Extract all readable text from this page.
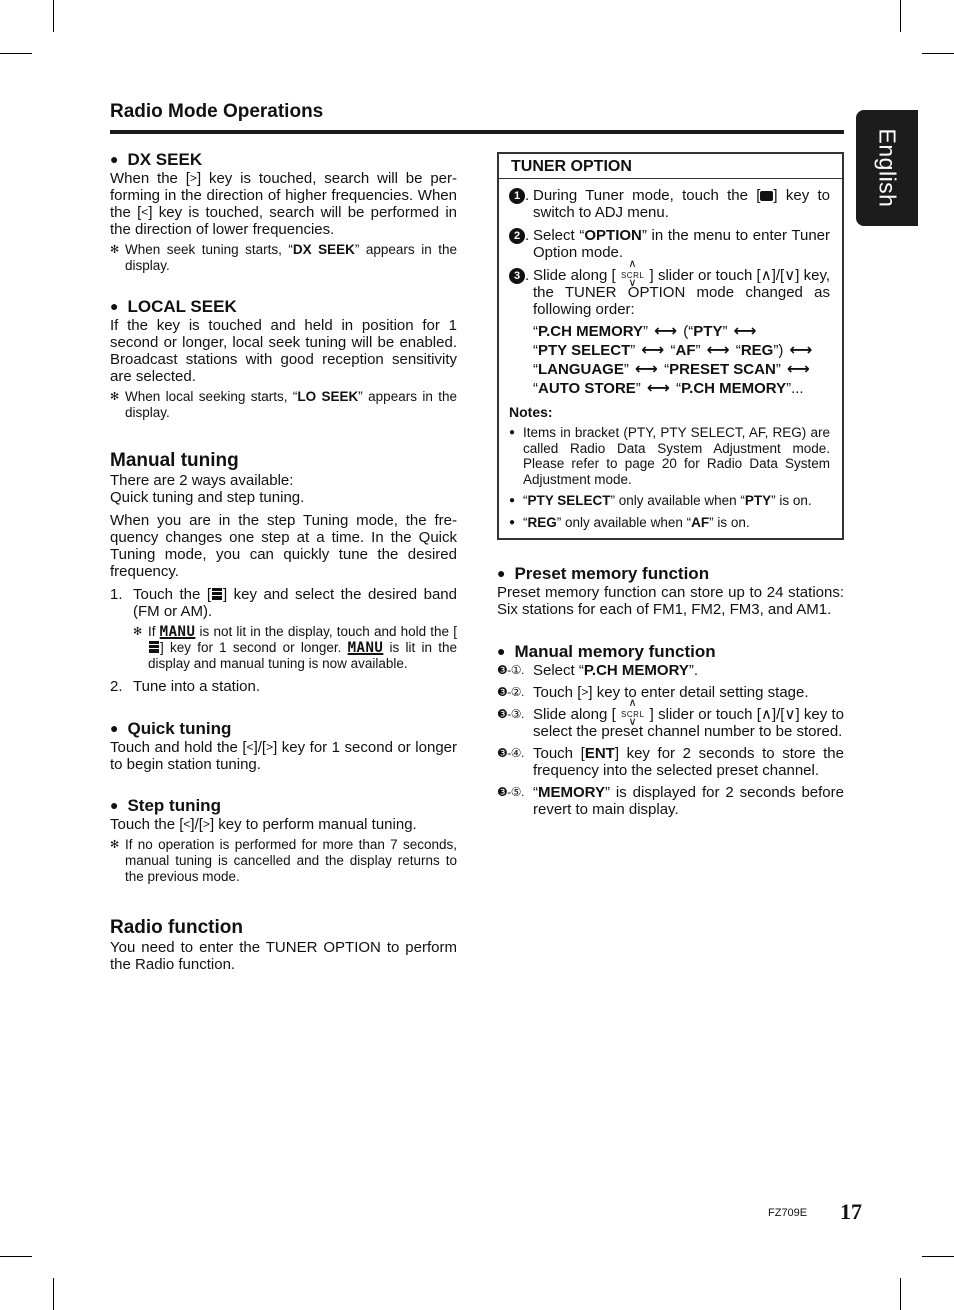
Radio Mode Operations
English

● DX SEEK

When the [>] key is touched, search will be performing in the direction of higher frequencies. When the [<] key is touched, search will be performed in the direction of lower frequencies.

✻ When seek tuning starts, “DX SEEK” appears in the display.

● LOCAL SEEK

If the key is touched and held in position for 1 second or longer, local seek tuning will be enabled. Broadcast stations with good reception sensitivity are selected.

✻ When local seeking starts, “LO SEEK” appears in the display.

Manual tuning

There are 2 ways available:

Quick tuning and step tuning.

When you are in the step Tuning mode, the frequency changes one step at a time. In the Quick Tuning mode, you can quickly tune the desired frequency.

1. Touch the [ ] key and select the desired band (FM or AM).
✻ If MANU is not lit in the display, touch and hold the [] key for 1 second or longer. MANU is lit in the display and manual tuning is now available.
2. Tune into a station.

● Quick tuning

Touch and hold the [<]/[>] key for 1 second or longer to begin station tuning.

● Step tuning

Touch the [<]/[>] key to perform manual tuning.

✻ If no operation is performed for more than 7 seconds, manual tuning is cancelled and the display returns to the previous mode.

Radio function

You need to enter the TUNER OPTION to perform the Radio function.

TUNER OPTION
1 . During Tuner mode, touch the [ ] key to switch to ADJ menu.
2 . Select “OPTION” in the menu to enter Tuner Option mode.
3 . Slide along [ ∧ SCRL ∨ ] slider or touch [∧]/[∨] key, the TUNER OPTION mode changed as following order:
“P.CH MEMORY” ⟷ (“PTY” ⟷
“PTY SELECT” ⟷ “AF” ⟷ “REG”) ⟷
“LANGUAGE” ⟷ “PRESET SCAN” ⟷
“AUTO STORE” ⟷ “P.CH MEMORY”...
Notes:
● Items in bracket (PTY, PTY SELECT, AF, REG) are called Radio Data System Adjustment mode. Please refer to page 20 for Radio Data System Adjustment mode.
● “PTY SELECT” only available when “PTY” is on.
● “REG” only available when “AF” is on.

● Preset memory function

Preset memory function can store up to 24 stations: Six stations for each of FM1, FM2, FM3, and AM1.

● Manual memory function

❸-①. Select “P.CH MEMORY”.
❸-②. Touch [>] key to enter detail setting stage.
❸-③. Slide along [ ∧ SCRL ∨ ] slider or touch [∧]/[∨] key to select the preset channel number to be stored.
❸-④. Touch [ENT] key for 2 seconds to store the frequency into the selected preset channel.
❸-⑤. “MEMORY” is displayed for 2 seconds before revert to main display.
FZ709E 17
